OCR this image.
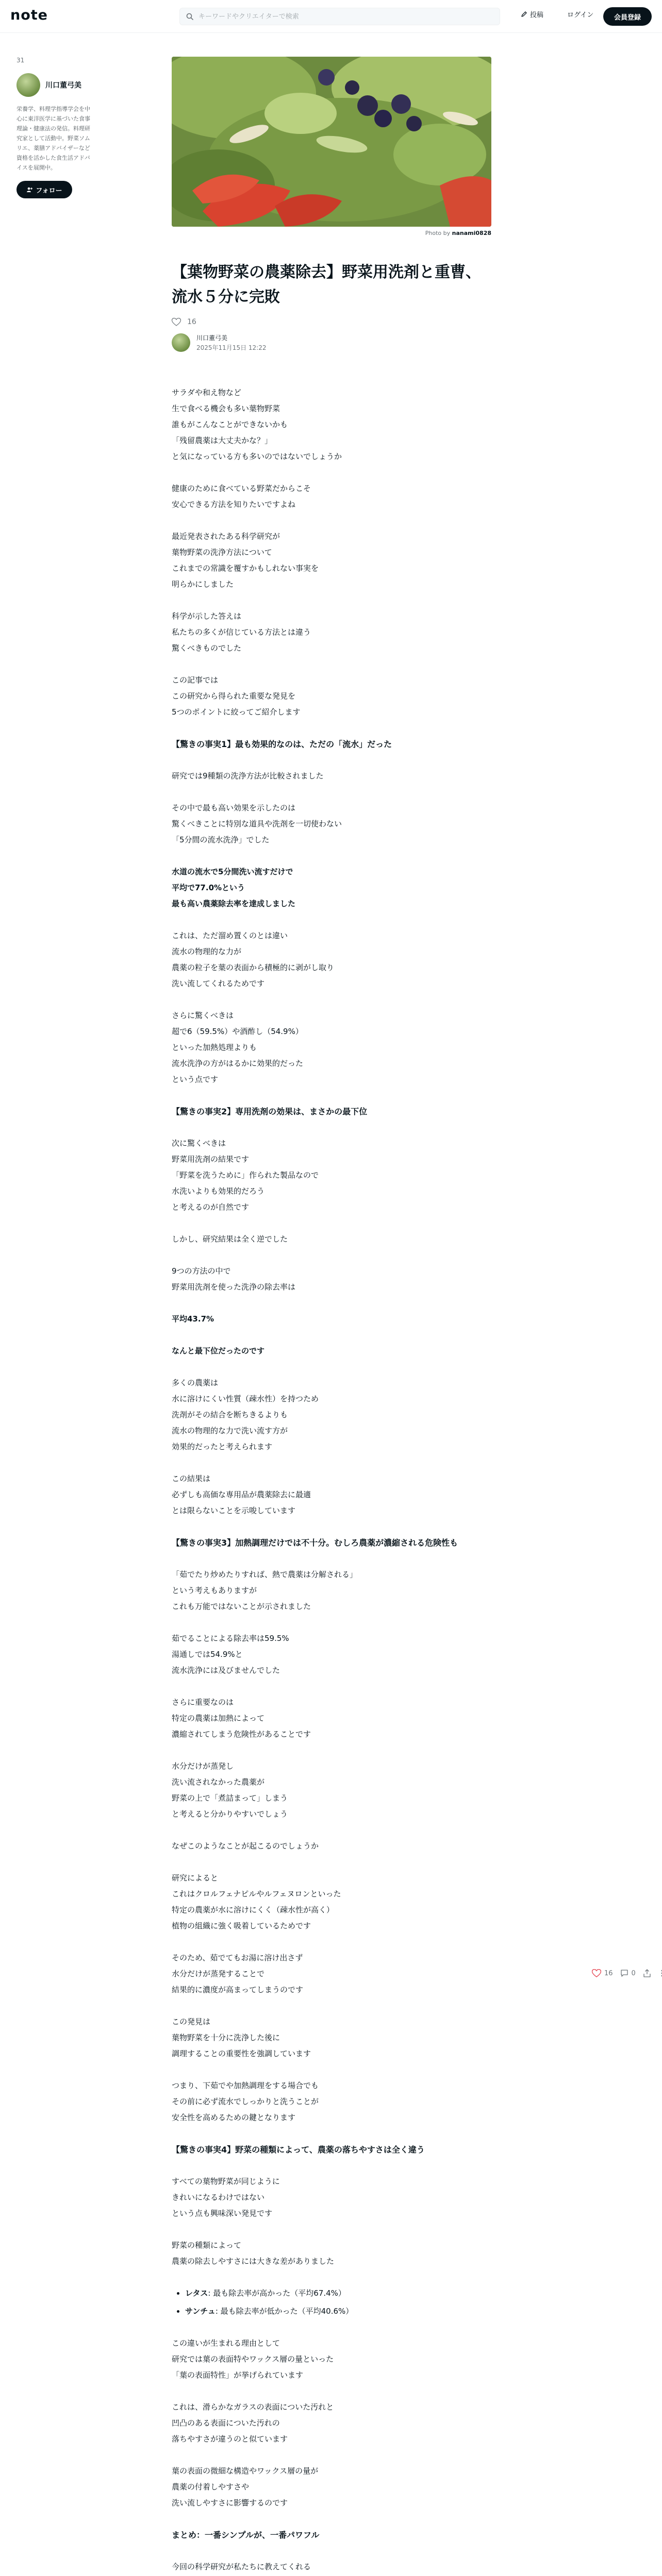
note
キーワードやクリエイターで検索	投稿	ログイン	会員登録
31
川口董弓美
栄養学、料理学指導学会を中心に東洋医学に基づいた食事理論・健康法の発信。料理研究家として活動中。野菜ソムリエ、薬膳アドバイザーなど資格を活かした食生活アドバイスを展開中。
フォロー
Photo by nanami0828
【葉物野菜の農薬除去】野菜用洗剤と重曹、流水５分に完敗
16
川口董弓美
2025年11月15日 12:22

サラダや和え物など
生で食べる機会も多い葉物野菜
誰もがこんなことができないかも
「残留農薬は大丈夫かな？」
と気になっている方も多いのではないでしょうか

健康のために食べている野菜だからこそ
安心できる方法を知りたいですよね

最近発表されたある科学研究が
葉物野菜の洗浄方法について
これまでの常識を覆すかもしれない事実を
明らかにしました

科学が示した答えは
私たちの多くが信じている方法とは違う
驚くべきものでした

この記事では
この研究から得られた重要な発見を
5つのポイントに絞ってご紹介します

【驚きの事実1】最も効果的なのは、ただの「流水」だった

研究では9種類の洗浄方法が比較されました

その中で最も高い効果を示したのは
驚くべきことに特別な道具や洗剤を一切使わない
「5分間の流水洗浄」でした

水道の流水で5分間洗い流すだけで
平均で77.0%という
最も高い農薬除去率を達成しました

これは、ただ溜め置くのとは違い
流水の物理的な力が
農薬の粒子を葉の表面から積極的に剥がし取り
洗い流してくれるためです

さらに驚くべきは
超で6（59.5%）や酒酢し（54.9%）
といった加熱処理よりも
流水洗浄の方がはるかに効果的だった
という点です

【驚きの事実2】専用洗剤の効果は、まさかの最下位

次に驚くべきは
野菜用洗剤の結果です
「野菜を洗うために」作られた製品なので
水洗いよりも効果的だろう
と考えるのが自然です

しかし、研究結果は全く逆でした

9つの方法の中で
野菜用洗剤を使った洗浄の除去率は

平均43.7%

なんと最下位だったのです

多くの農薬は
水に溶けにくい性質（疎水性）を持つため
洗剤がその結合を断ちきるよりも
流水の物理的な力で洗い流す方が
効果的だったと考えられます

この結果は
必ずしも高価な専用品が農薬除去に最適
とは限らないことを示唆しています

【驚きの事実3】加熱調理だけでは不十分。むしろ農薬が濃縮される危険性も

「茹でたり炒めたりすれば、熱で農薬は分解される」
という考えもありますが
これも万能ではないことが示されました

茹でることによる除去率は59.5%
湯通しでは54.9%と
流水洗浄には及びませんでした

さらに重要なのは
特定の農薬は加熱によって
濃縮されてしまう危険性があることです

水分だけが蒸発し
洗い流されなかった農薬が
野菜の上で「煮詰まって」しまう
と考えると分かりやすいでしょう

なぜこのようなことが起こるのでしょうか

研究によると
これはクロルフェナピルやルフェヌロンといった
特定の農薬が水に溶けにくく（疎水性が高く）
植物の組織に強く吸着しているためです

そのため、茹でてもお湯に溶け出さず
水分だけが蒸発することで
結果的に濃度が高まってしまうのです

この発見は
葉物野菜を十分に洗浄した後に
調理することの重要性を強調しています

つまり、下茹でや加熱調理をする場合でも
その前に必ず流水でしっかりと洗うことが
安全性を高めるための鍵となります

【驚きの事実4】野菜の種類によって、農薬の落ちやすさは全く違う

すべての葉物野菜が同じように
きれいになるわけではない
という点も興味深い発見です

野菜の種類によって
農薬の除去しやすさには大きな差がありました

• レタス: 最も除去率が高かった（平均67.4%）
• サンチュ: 最も除去率が低かった（平均40.6%）

この違いが生まれる理由として
研究では葉の表面特やワックス層の量といった
「葉の表面特性」が挙げられています

これは、滑らかなガラスの表面についた汚れと
凹凸のある表面についた汚れの
落ちやすさが違うのと似ています

葉の表面の微細な構造やワックス層の量が
農薬の付着しやすさや
洗い流しやすさに影響するのです

まとめ：一番シンプルが、一番パワフル

今回の科学研究が私たちに教えてくれる

16	0
